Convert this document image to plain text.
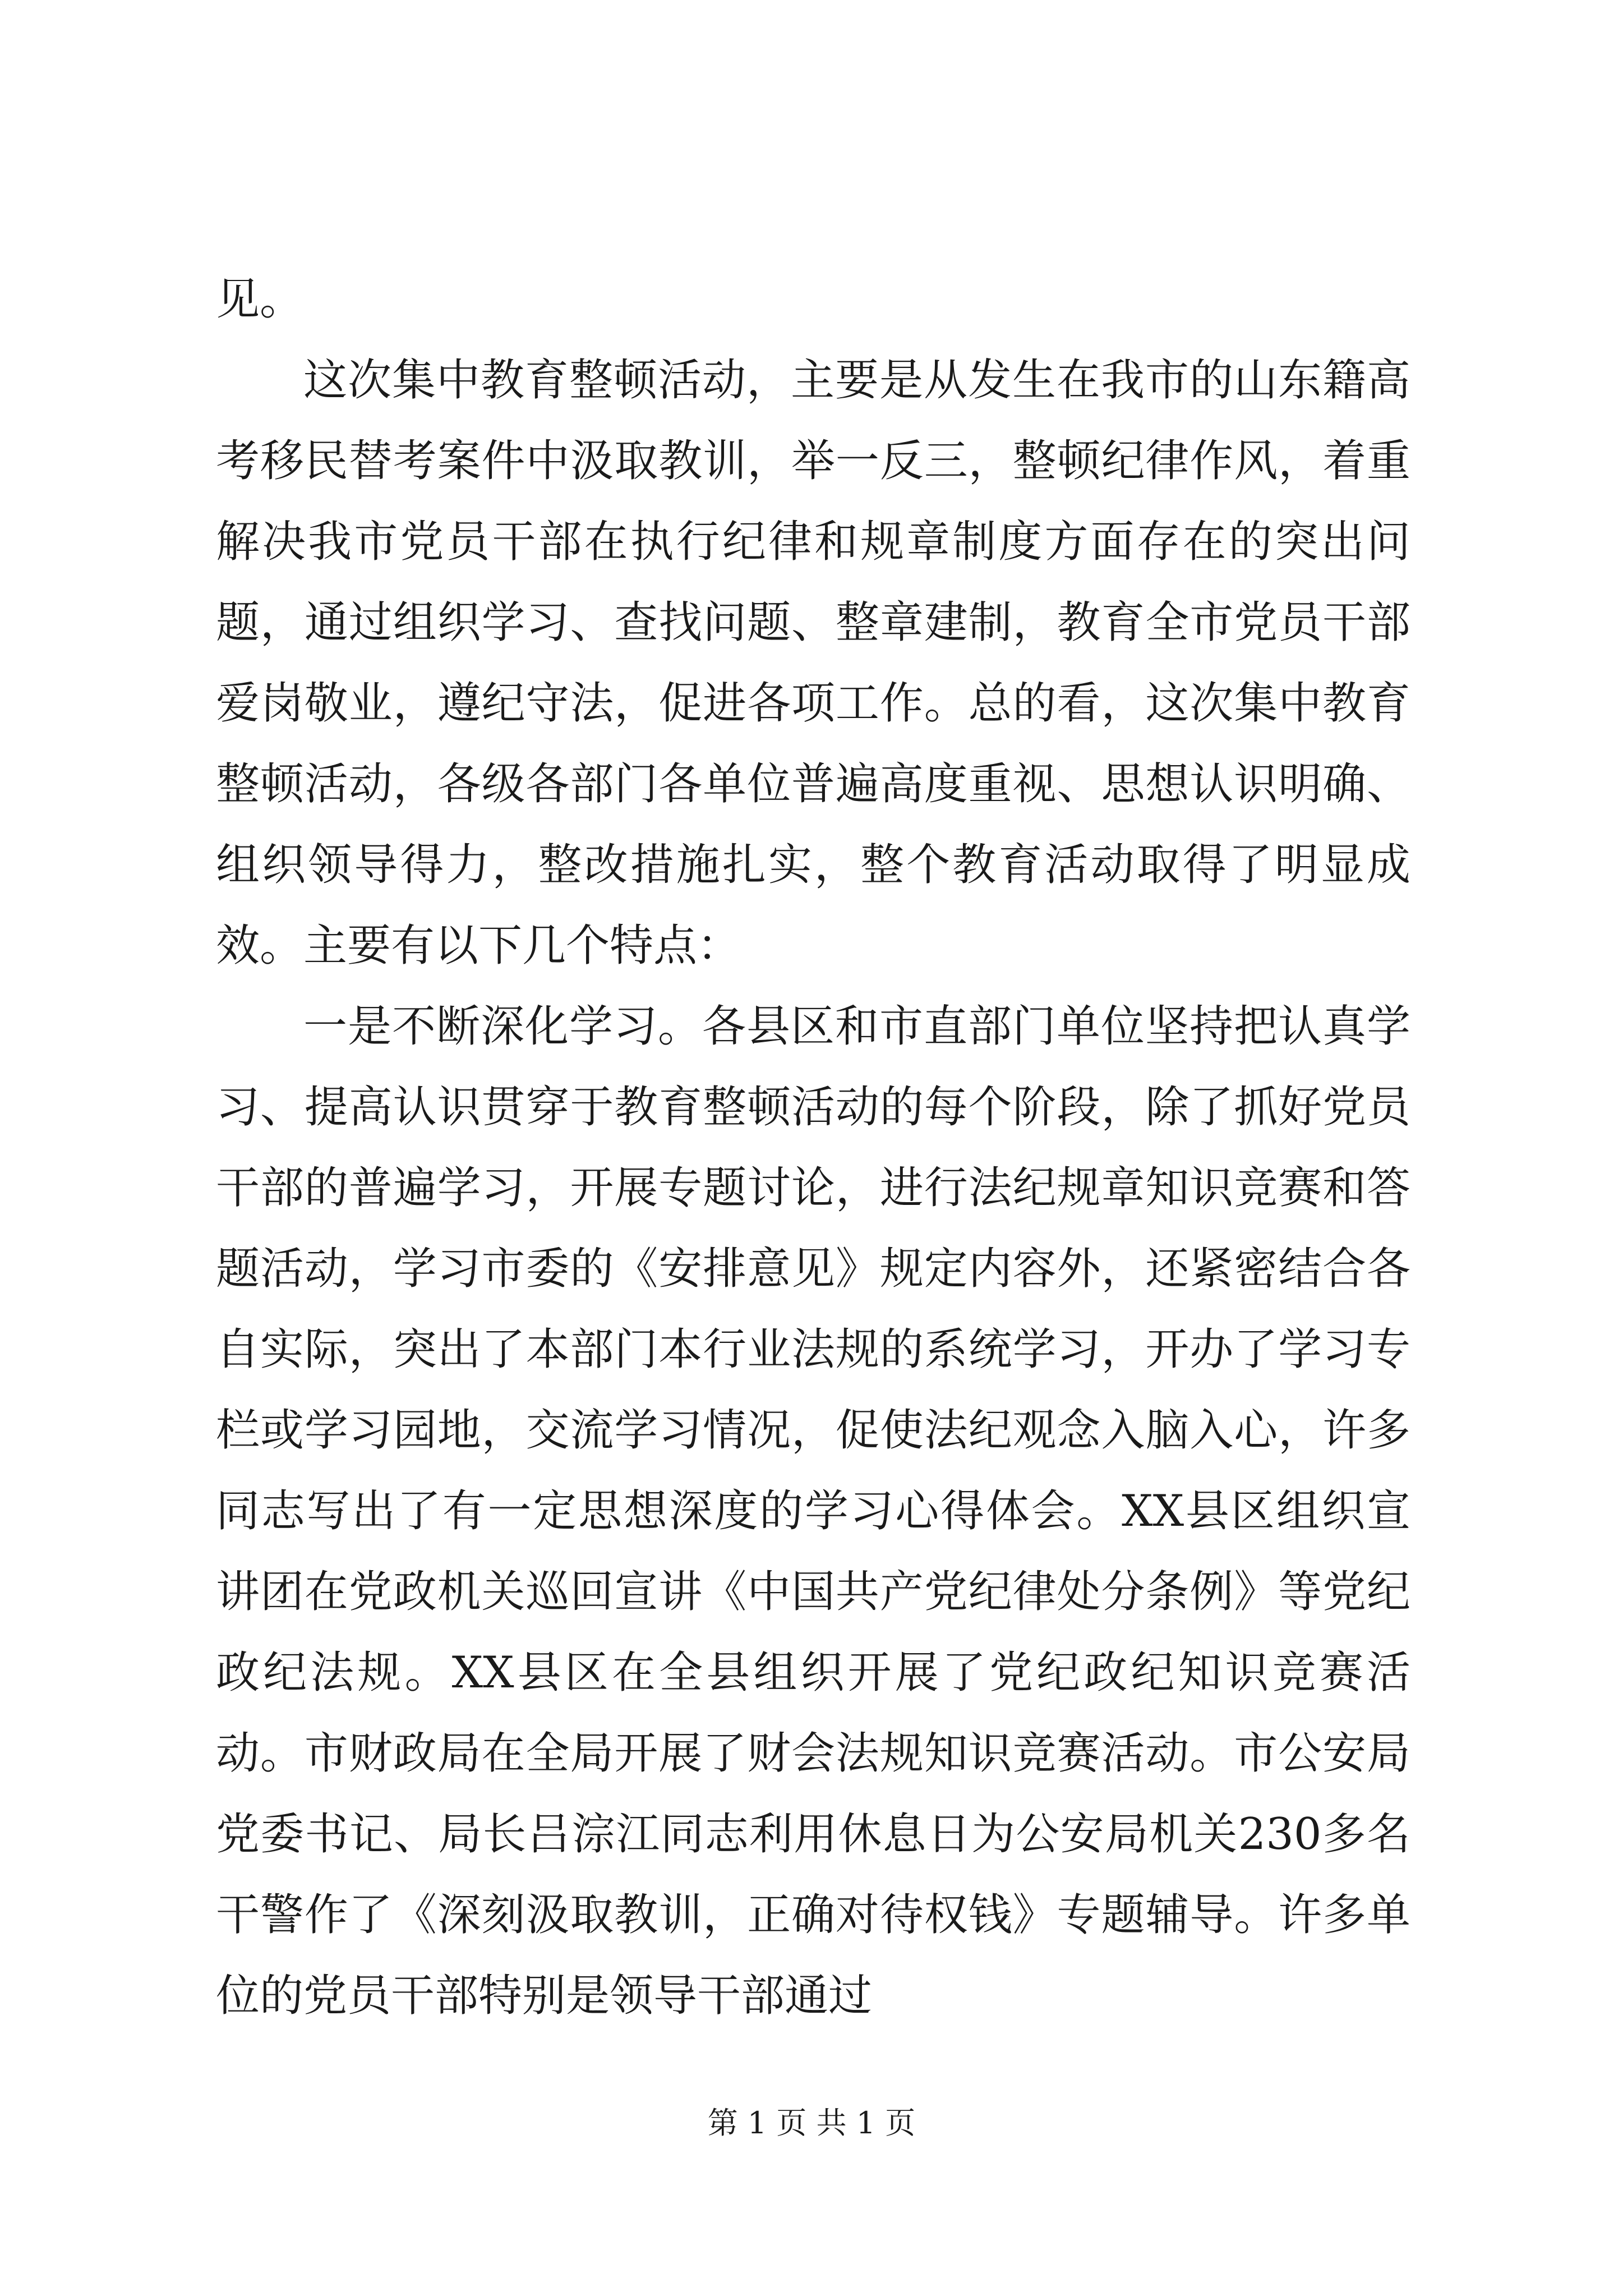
见。

这次集中教育整顿活动，主要是从发生在我市的山东籍高考移民替考案件中汲取教训，举一反三，整顿纪律作风，着重解决我市党员干部在执行纪律和规章制度方面存在的突出问题，通过组织学习、查找问题、整章建制，教育全市党员干部爱岗敬业，遵纪守法，促进各项工作。总的看，这次集中教育整顿活动，各级各部门各单位普遍高度重视、思想认识明确、组织领导得力，整改措施扎实，整个教育活动取得了明显成效。主要有以下几个特点：

一是不断深化学习。各县区和市直部门单位坚持把认真学习、提高认识贯穿于教育整顿活动的每个阶段，除了抓好党员干部的普遍学习，开展专题讨论，进行法纪规章知识竞赛和答题活动，学习市委的《安排意见》规定内容外，还紧密结合各自实际，突出了本部门本行业法规的系统学习，开办了学习专栏或学习园地，交流学习情况，促使法纪观念入脑入心，许多同志写出了有一定思想深度的学习心得体会。XX县区组织宣讲团在党政机关巡回宣讲《中国共产党纪律处分条例》等党纪政纪法规。XX县区在全县组织开展了党纪政纪知识竞赛活动。市财政局在全局开展了财会法规知识竞赛活动。市公安局党委书记、局长吕淙江同志利用休息日为公安局机关230多名干警作了《深刻汲取教训，正确对待权钱》专题辅导。许多单位的党员干部特别是领导干部通过

第 1 页 共 1 页
